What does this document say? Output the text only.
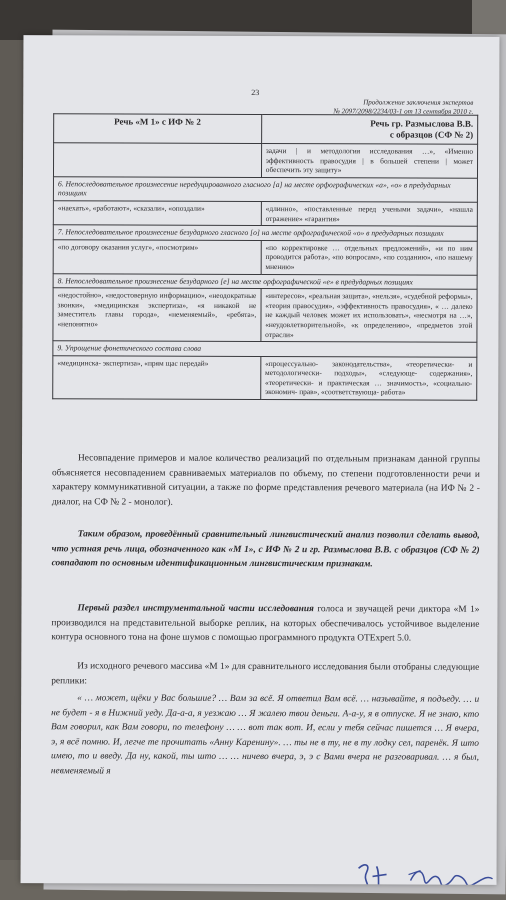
23
Продолжение заключения экспертов
№ 2097/2098/2234/03-1 от 13 сентября 2010 г.
Речь «М 1» с ИФ № 2	Речь гр. Размыслова В.В.
с образцов (СФ № 2)

	задачи | и методология исследования …», «Именно эффективность правосудия | в большей степени | может обеспечить эту защиту»
6. Непоследовательное произнесение нередуцированного гласного [а] на месте орфографических «а», «о» в предударных позициях	
«наехать», «работают», «сказали», «опоздали»	«длинно», «поставленные перед учеными задачи», «нашла отражение» «гарантия»
7. Непоследовательное произнесение безударного гласного [о] на месте орфографической «о» в предударных позициях	
«по договору оказания услуг», «посмотрим»	«по корректировке … отдельных предложений», «и по ним проводится работа», «по вопросам», «по созданию», «по нашему мнению»
8. Непоследовательное произнесение безударного [е] на месте орфографической «е» в предударных позициях	
«недостойно», «недостоверную информацию», «неодократные звонки», «медицинская экспертиза», «я никакой не заместитель главы города», «неменяемый», «ребята», «непонятно»	«интересов», «реальная защита», «нельзя», «судебной реформы», «теория правосудия», «эффективность правосудия», « … далеко не каждый человек может их использовать», «несмотря на …», «неудовлетворительной», «к определению», «предметов этой отрасли»
9. Упрощение фонетического состава слова	
«медицинска- экспертиза», «прям щас передай»	«процессуально- законодательства», «теоретически- и методологически- подходы», «следующе- содержания», «теоретически- и практическая … значимость», «социально-экономич- прав», «соответствующа- работа»

Несовпадение примеров и малое количество реализаций по отдельным признакам данной группы объясняется несовпадением сравниваемых материалов по объему, по степени подготовленности речи и характеру коммуникативной ситуации, а также по форме представления речевого материала (на ИФ № 2 - диалог, на СФ № 2 - монолог).

Таким образом, проведённый сравнительный лингвистический анализ позволил сделать вывод, что устная речь лица, обозначенного как «М 1», с ИФ № 2 и гр. Размыслова В.В. с образцов (СФ № 2) совпадают по основным идентификационным лингвистическим признакам.

Первый раздел инструментальной части исследования голоса и звучащей речи диктора «М 1» производился на представительной выборке реплик, на которых обеспечивалось устойчивое выделение контура основного тона на фоне шумов с помощью программного продукта OTExpert 5.0.

Из исходного речевого массива «М 1» для сравнительного исследования были отобраны следующие реплики:

« … может, щёки у Вас большие? … Вам за всё. Я ответил Вам всё. … называйте, я подъеду. … и не будет - я в Нижний уеду. Да-а-а, я уезжаю … Я жалею твои деньги. А-а-у, я в отпуске. Я не знаю, кто Вам говорил, как Вам говори, по телефону … … вот так вот. И, если у тебя сейчас пишется … Я вчера, э, я всё помню. И, легче те прочитать «Анну Каренину». … ты не в ту, не в ту лодку сел, паренёк. Я што имею, то и введу. Да ну, какой, ты што … … ничево вчера, э, э с Вами вчера не разговаривал. … я был, невменяемый я
